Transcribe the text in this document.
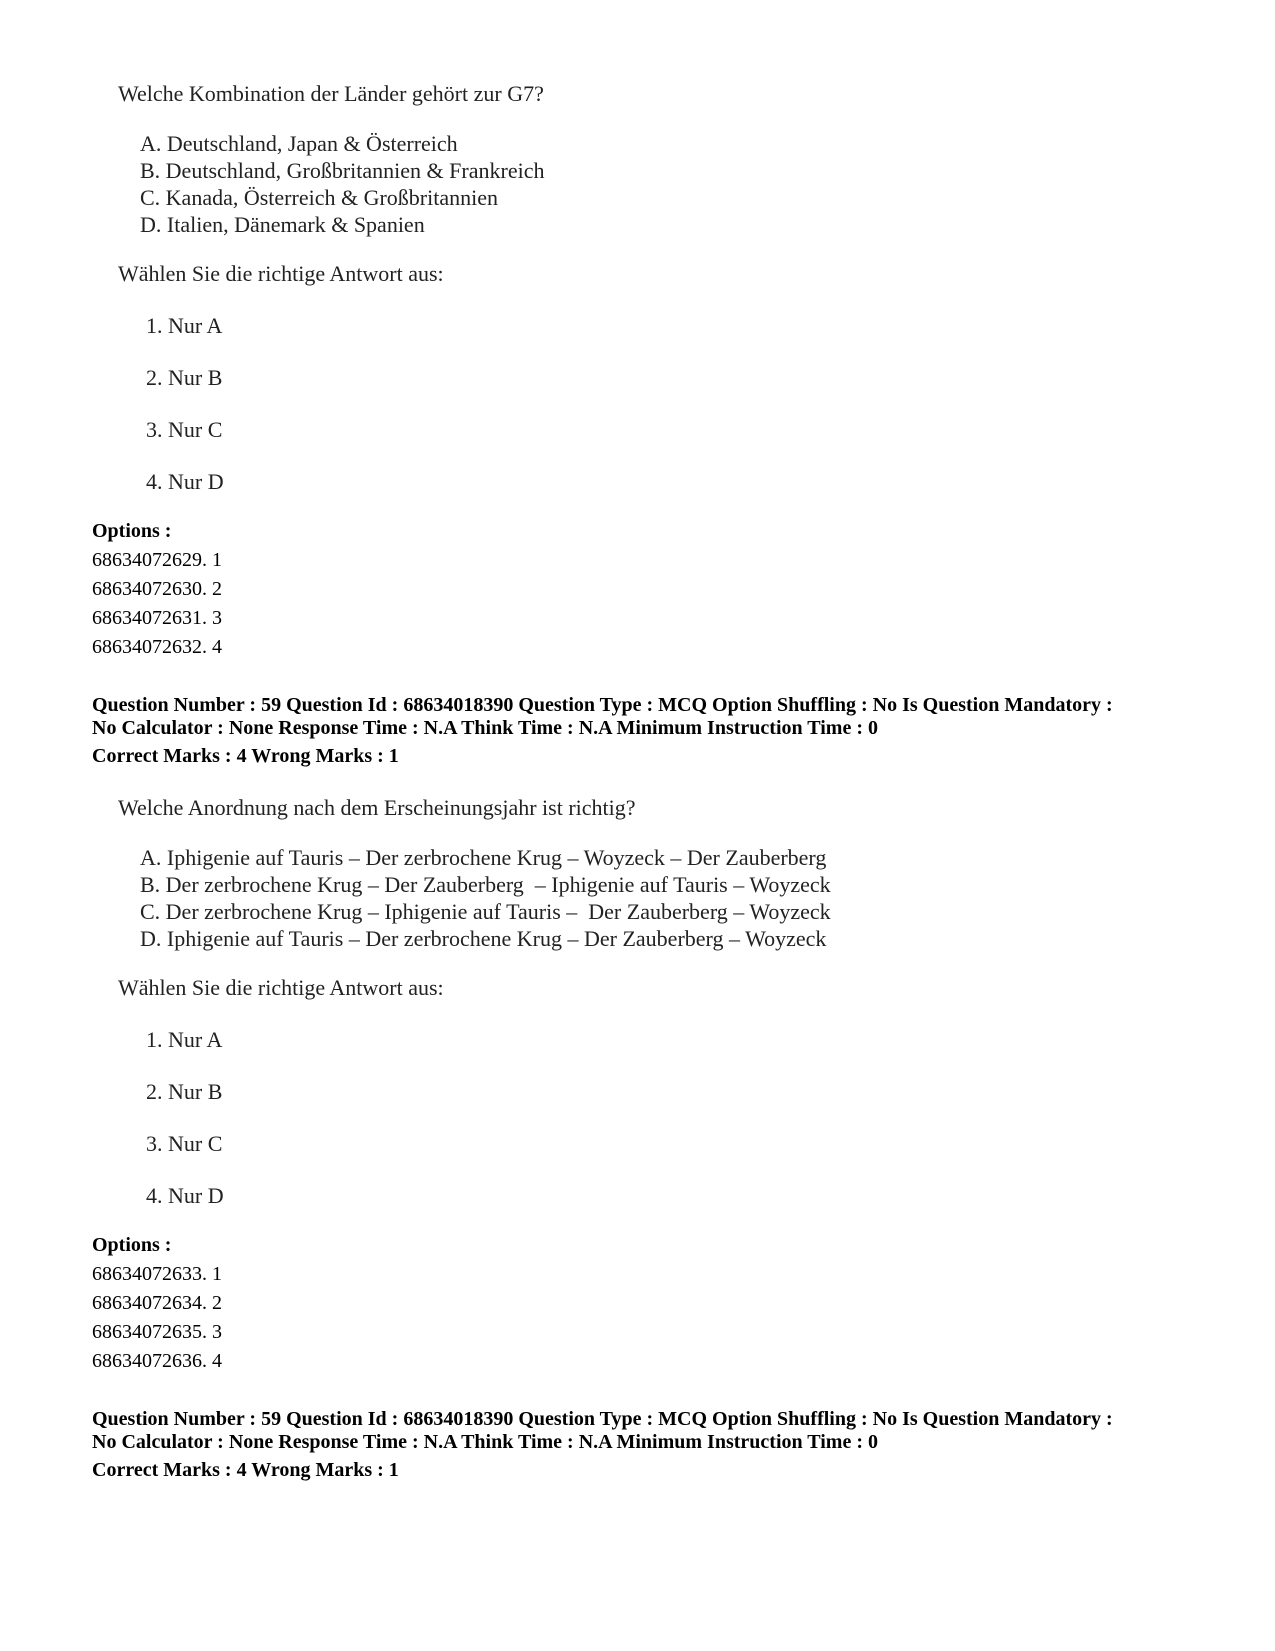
Welche Kombination der Länder gehört zur G7?
A. Deutschland, Japan & Österreich
B. Deutschland, Großbritannien & Frankreich
C. Kanada, Österreich & Großbritannien
D. Italien, Dänemark & Spanien
Wählen Sie die richtige Antwort aus:
1. Nur A
2. Nur B
3. Nur C
4. Nur D
Options :
68634072629. 1
68634072630. 2
68634072631. 3
68634072632. 4
Question Number : 59 Question Id : 68634018390 Question Type : MCQ Option Shuffling : No Is Question Mandatory :
No Calculator : None Response Time : N.A Think Time : N.A Minimum Instruction Time : 0
Correct Marks : 4 Wrong Marks : 1
Welche Anordnung nach dem Erscheinungsjahr ist richtig?
A. Iphigenie auf Tauris – Der zerbrochene Krug – Woyzeck – Der Zauberberg
B. Der zerbrochene Krug – Der Zauberberg  – Iphigenie auf Tauris – Woyzeck
C. Der zerbrochene Krug – Iphigenie auf Tauris –  Der Zauberberg – Woyzeck
D. Iphigenie auf Tauris – Der zerbrochene Krug – Der Zauberberg – Woyzeck
Wählen Sie die richtige Antwort aus:
1. Nur A
2. Nur B
3. Nur C
4. Nur D
Options :
68634072633. 1
68634072634. 2
68634072635. 3
68634072636. 4
Question Number : 59 Question Id : 68634018390 Question Type : MCQ Option Shuffling : No Is Question Mandatory :
No Calculator : None Response Time : N.A Think Time : N.A Minimum Instruction Time : 0
Correct Marks : 4 Wrong Marks : 1
